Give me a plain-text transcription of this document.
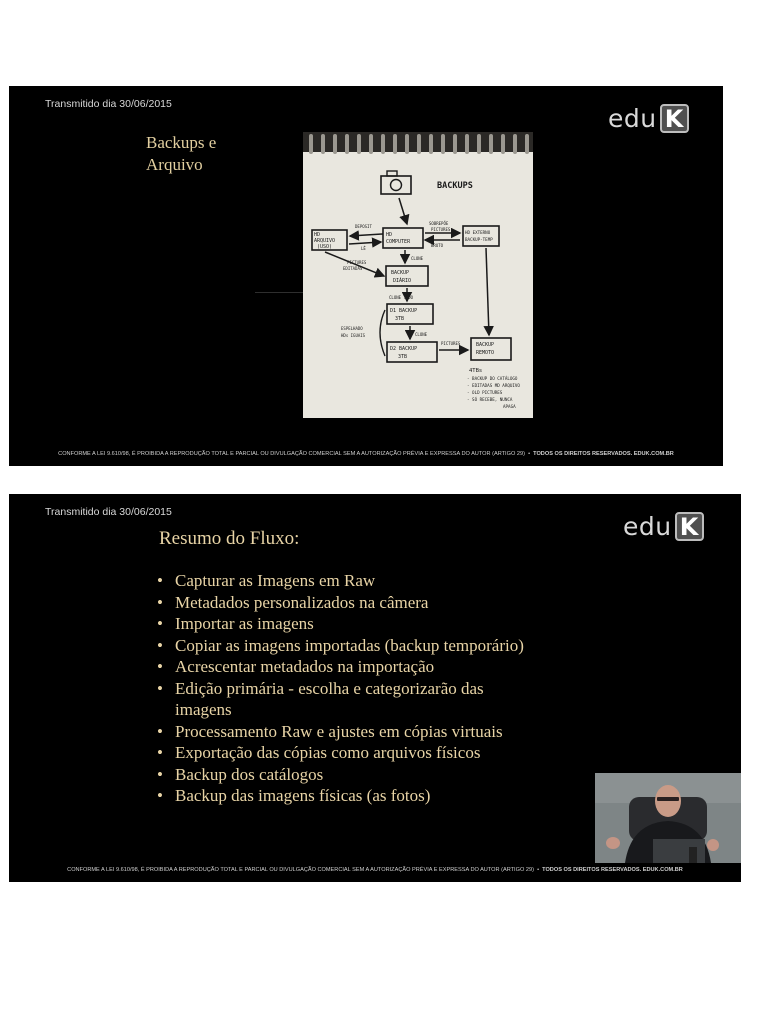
Transmitido dia 30/06/2015	edu K
Backups e
Arquivo
BACKUPS
HD
ARQUIVO
(USO)
HD
COMPUTER
HD EXTERNO
BACKUP-TEMP
BACKUP
DIÁRIO
D1 BACKUP
3TB
D2 BACKUP
3TB
BACKUP
REMOTO
DEPOSIT
LÊ
SOBREPÕE
PICTURES
BRUTO
PICTURES
EDITADAS
CLONE
CLONE TODO
CLONE
ESPELHADO
HDs IGUAIS
PICTURES
4TBs
- BACKUP DO CATÁLOGO
- EDITADAS MD ARQUIVO
- OLD PICTURES
- SÓ RECEBE, NUNCA
APAGA
CONFORME A LEI 9.610/98, É PROIBIDA A REPRODUÇÃO TOTAL E PARCIAL OU DIVULGAÇÃO COMERCIAL SEM A AUTORIZAÇÃO PRÉVIA E EXPRESSA DO AUTOR (ARTIGO 29) • TODOS OS DIREITOS RESERVADOS. EDUK.COM.BR
Transmitido dia 30/06/2015	edu K
Resumo do Fluxo:
• Capturar as Imagens em Raw
• Metadados personalizados na câmera
• Importar as imagens
• Copiar as imagens importadas (backup temporário)
• Acrescentar metadados na importação
• Edição primária - escolha e categorizarão das
imagens
• Processamento Raw e ajustes em cópias virtuais
• Exportação das cópias como arquivos físicos
• Backup dos catálogos
• Backup das imagens físicas (as fotos)
CONFORME A LEI 9.610/98, É PROIBIDA A REPRODUÇÃO TOTAL E PARCIAL OU DIVULGAÇÃO COMERCIAL SEM A AUTORIZAÇÃO PRÉVIA E EXPRESSA DO AUTOR (ARTIGO 29) • TODOS OS DIREITOS RESERVADOS. EDUK.COM.BR
